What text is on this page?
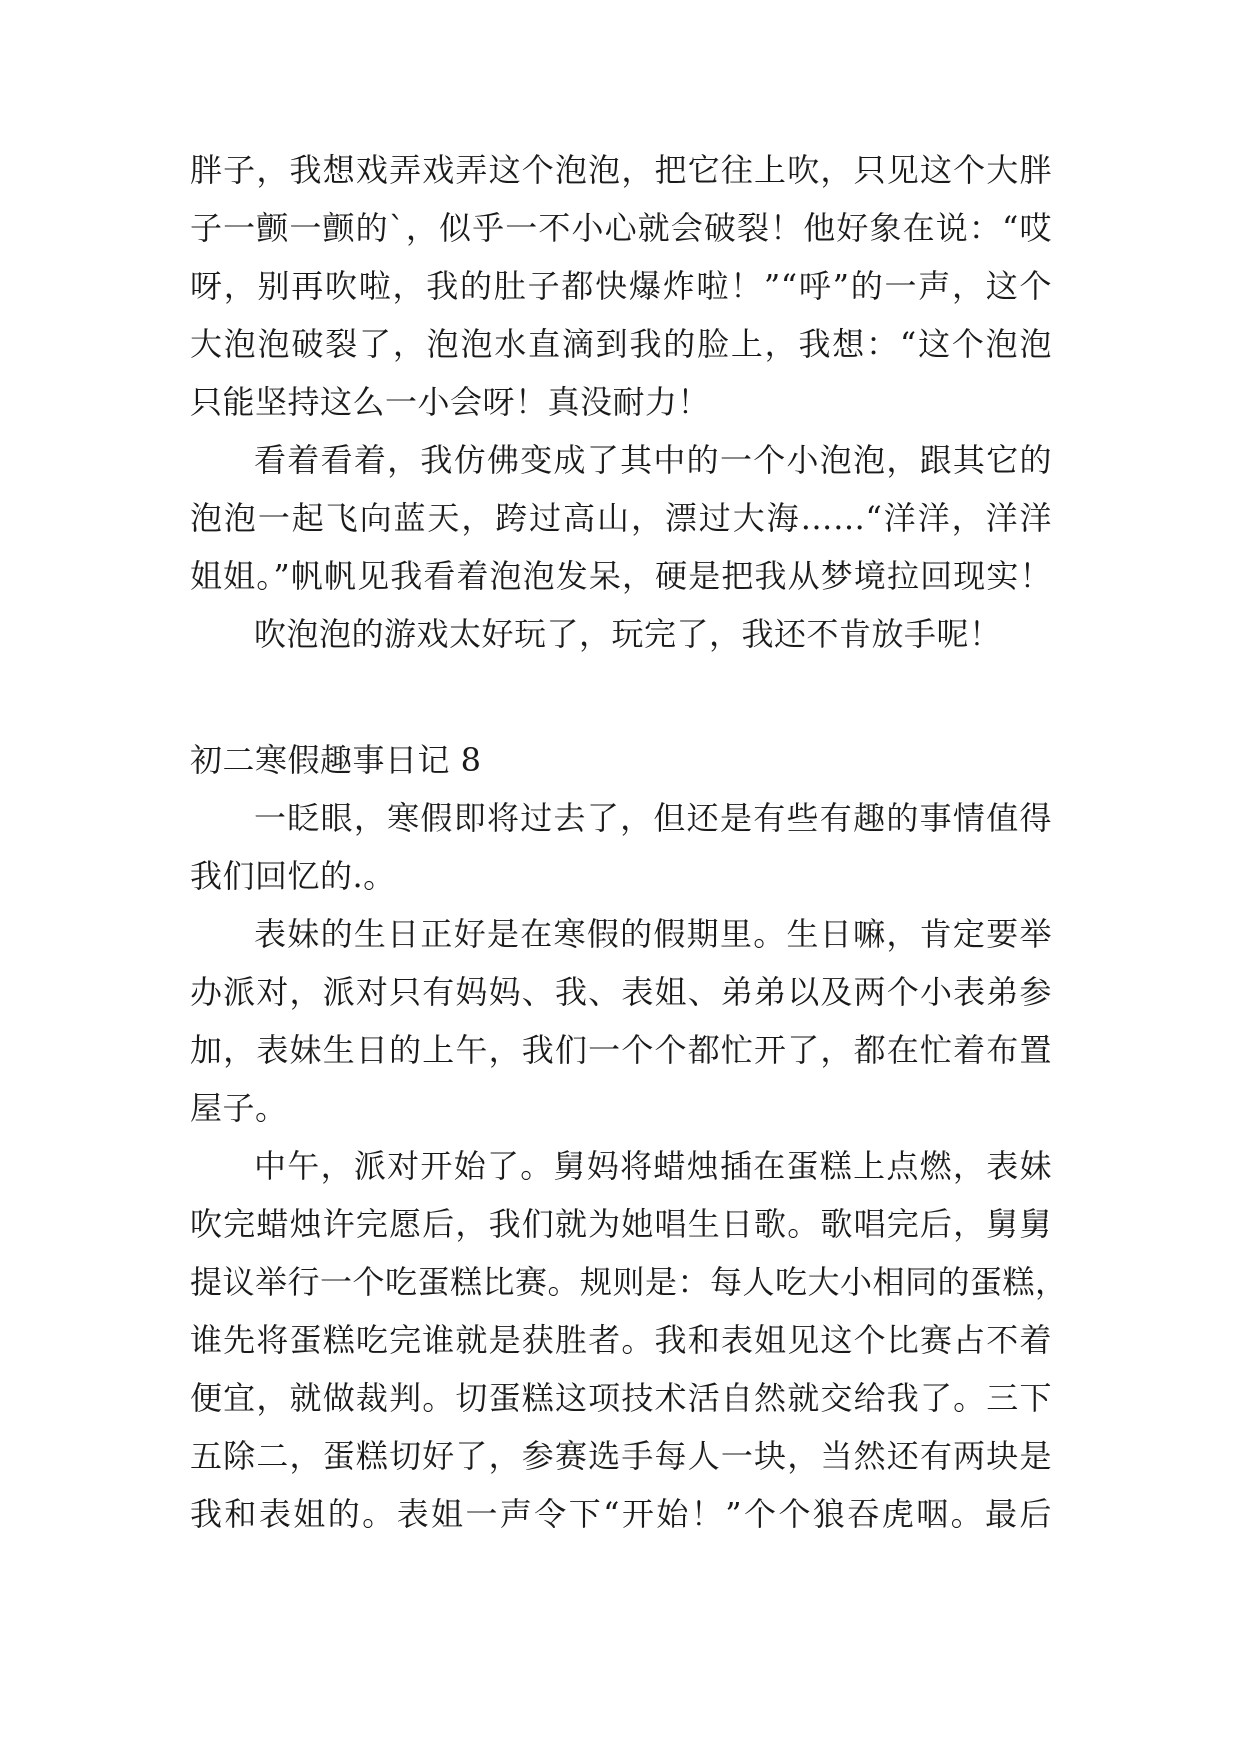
胖子，我想戏弄戏弄这个泡泡，把它往上吹，只见这个大胖
子一颤一颤的`，似乎一不小心就会破裂！他好象在说：“哎
呀，别再吹啦，我的肚子都快爆炸啦！”“呼”的一声，这个
大泡泡破裂了，泡泡水直滴到我的脸上，我想：“这个泡泡
只能坚持这么一小会呀！真没耐力！
看着看着，我仿佛变成了其中的一个小泡泡，跟其它的
泡泡一起飞向蓝天，跨过高山，漂过大海……“洋洋，洋洋
姐姐。”帆帆见我看着泡泡发呆，硬是把我从梦境拉回现实！
吹泡泡的游戏太好玩了，玩完了，我还不肯放手呢！
初二寒假趣事日记 8
一眨眼，寒假即将过去了，但还是有些有趣的事情值得
我们回忆的.。
表妹的生日正好是在寒假的假期里。生日嘛，肯定要举
办派对，派对只有妈妈、我、表姐、弟弟以及两个小表弟参
加，表妹生日的上午，我们一个个都忙开了，都在忙着布置
屋子。
中午，派对开始了。舅妈将蜡烛插在蛋糕上点燃，表妹
吹完蜡烛许完愿后，我们就为她唱生日歌。歌唱完后，舅舅
提议举行一个吃蛋糕比赛。规则是：每人吃大小相同的蛋糕，
谁先将蛋糕吃完谁就是获胜者。我和表姐见这个比赛占不着
便宜，就做裁判。切蛋糕这项技术活自然就交给我了。三下
五除二，蛋糕切好了，参赛选手每人一块，当然还有两块是
我和表姐的。表姐一声令下“开始！”个个狼吞虎咽。最后
